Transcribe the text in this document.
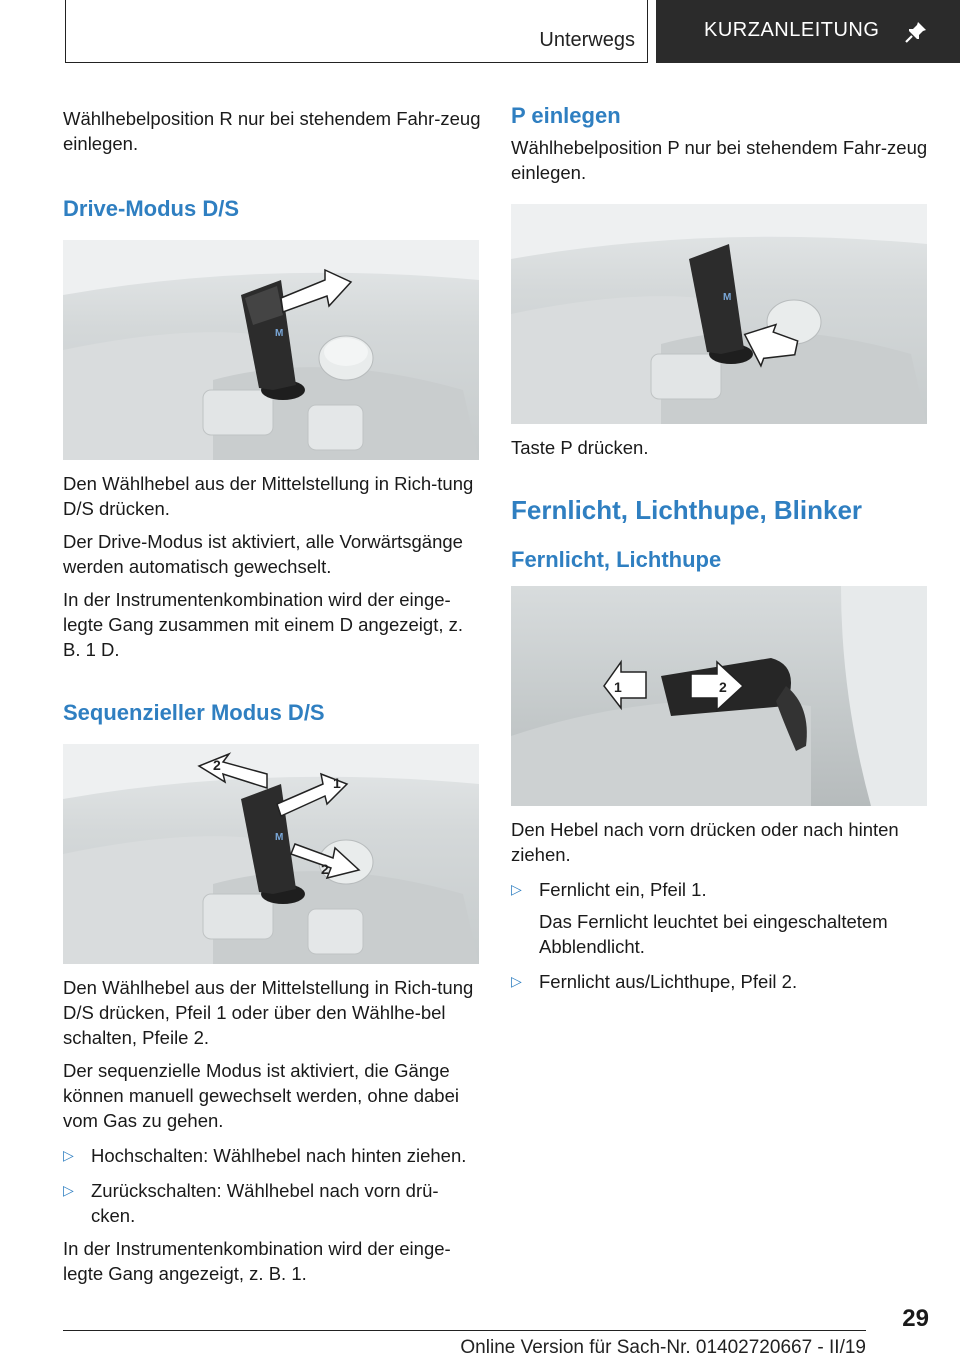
Unterwegs	KURZANLEITUNG

Wählhebelposition R nur bei stehendem Fahr-zeug einlegen.

Drive-Modus D/S

M

Den Wählhebel aus der Mittelstellung in Rich-tung D/S drücken.

Der Drive-Modus ist aktiviert, alle Vorwärtsgänge werden automatisch gewechselt.

In der Instrumentenkombination wird der einge-legte Gang zusammen mit einem D angezeigt, z. B. 1 D.

Sequenzieller Modus D/S

M
1
2
2

Den Wählhebel aus der Mittelstellung in Rich-tung D/S drücken, Pfeil 1 oder über den Wählhe-bel schalten, Pfeile 2.

Der sequenzielle Modus ist aktiviert, die Gänge können manuell gewechselt werden, ohne dabei vom Gas zu gehen.

▷ Hochschalten: Wählhebel nach hinten ziehen.

▷ Zurückschalten: Wählhebel nach vorn drü-cken.

In der Instrumentenkombination wird der einge-legte Gang angezeigt, z. B. 1.

P einlegen

Wählhebelposition P nur bei stehendem Fahr-zeug einlegen.

M

Taste P drücken.

Fernlicht, Lichthupe, Blinker

Fernlicht, Lichthupe

1	2

Den Hebel nach vorn drücken oder nach hinten ziehen.

▷ Fernlicht ein, Pfeil 1.

Das Fernlicht leuchtet bei eingeschaltetem Abblendlicht.

▷ Fernlicht aus/Lichthupe, Pfeil 2.

29
Online Version für Sach-Nr. 01402720667 - II/19
